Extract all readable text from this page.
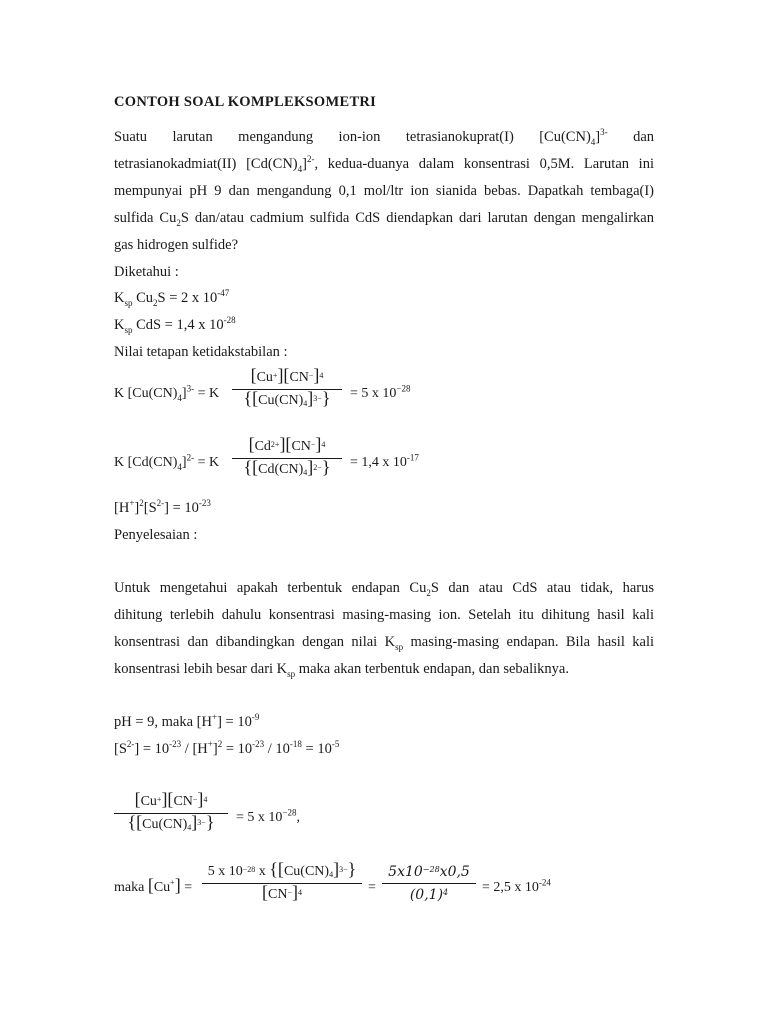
CONTOH SOAL KOMPLEKSOMETRI
Suatu larutan mengandung ion-ion tetrasianokuprat(I) $[Cu(CN)_4]^{3-}$ dan
tetrasianokadmiat(II) $[Cd(CN)_4]^{2-}$, kedua-duanya dalam konsentrasi 0,5M. Larutan ini
mempunyai pH 9 dan mengandung 0,1 mol/ltr ion sianida bebas. Dapatkah tembaga(I)
sulfida $Cu_2S$ dan/atau cadmium sulfida CdS diendapkan dari larutan dengan mengalirkan
gas hidrogen sulfide?
Diketahui :
$K_{sp}$ $Cu_2S = 2$ x $10^{-47}$
$K_{sp}$ CdS = 1,4 x $10^{-28}$
Nilai tetapan ketidakstabilan :
K $[Cu(CN)_4]^{3-} = K$
$[Cu^+][CN^-]^4$
$\{[Cu(CN)_4]^{3-}\}$	= 5 x $10^{-28}$
K $[Cd(CN)_4]^{2-} = K$
$[Cd^{2+}][CN^-]^4$
$\{[Cd(CN)_4]^{2-}\}$	= 1,4 x $10^{-17}$
$[H^+]^2[S^{2-}] = 10^{-23}$
Penyelesaian :
Untuk mengetahui apakah terbentuk endapan $Cu_2S$ dan atau CdS atau tidak, harus
dihitung terlebih dahulu konsentrasi masing-masing ion. Setelah itu dihitung hasil kali
konsentrasi dan dibandingkan dengan nilai $K_{sp}$ masing-masing endapan. Bila hasil kali
konsentrasi lebih besar dari $K_{sp}$ maka akan terbentuk endapan, dan sebaliknya.
pH = 9, maka $[H^+] = 10^{-9}$
$[S^{2-}] = 10^{-23} / [H^+]^2 = 10^{-23} / 10^{-18} = 10^{-5}$
$[Cu^+][CN^-]^4$
$\{[Cu(CN)_4]^{3-}\}$	= 5 x $10^{-28}$,
maka [Cu+] =
5 x $10^{-28}$ x $\{[Cu(CN)_4]^{3-}\}$
$[CN^-]^4$	=
$5x10^{-28}x0,5$
$(0,1)^4$	= 2,5 x $10^{-24}$
